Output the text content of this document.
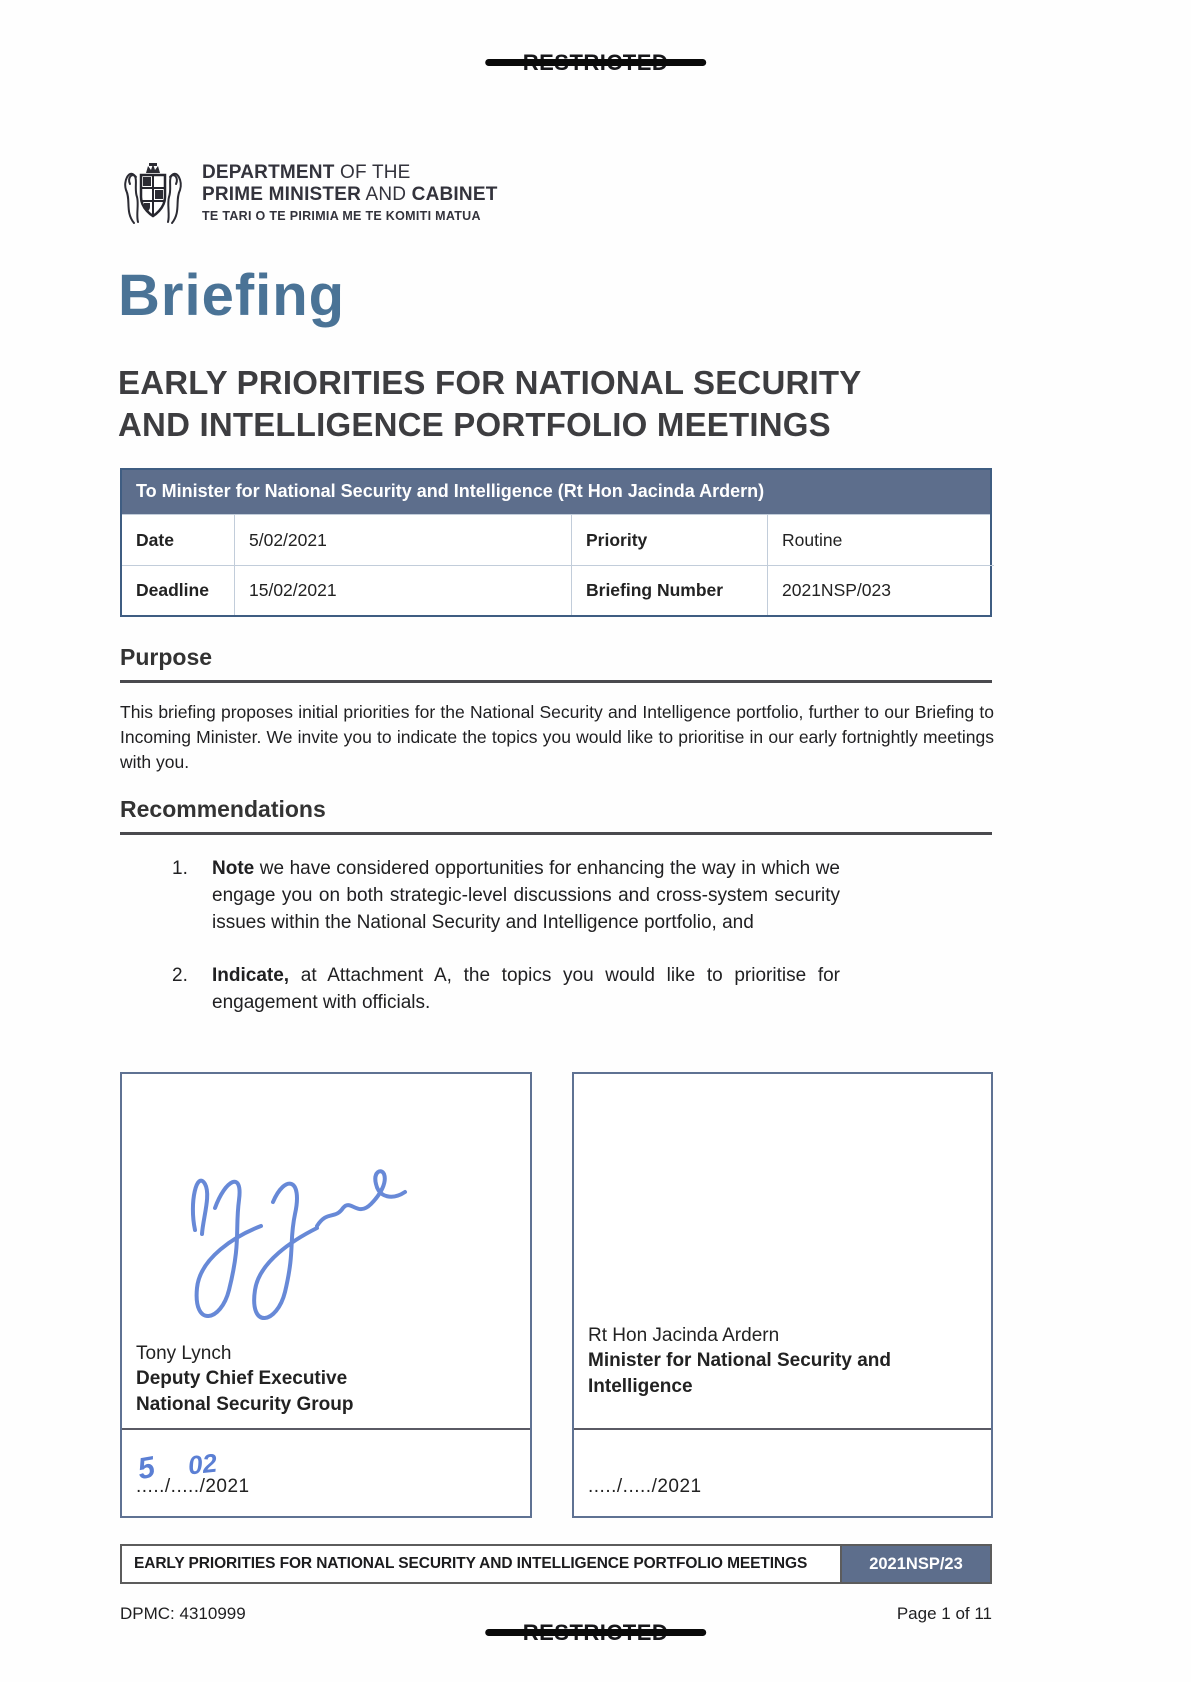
DEPARTMENT OF THE
PRIME MINISTER AND CABINET
TE TARI O TE PIRIMIA ME TE KOMITI MATUA
Briefing
EARLY PRIORITIES FOR NATIONAL SECURITY
AND INTELLIGENCE PORTFOLIO MEETINGS
To Minister for National Security and Intelligence (Rt Hon Jacinda Ardern)
Date	5/02/2021	Priority	Routine
Deadline	15/02/2021	Briefing Number	2021NSP/023
Purpose
This briefing proposes initial priorities for the National Security and Intelligence portfolio, further to our Briefing to Incoming Minister. We invite you to indicate the topics you would like to prioritise in our early fortnightly meetings with you.
Recommendations
1.	Note we have considered opportunities for enhancing the way in which we engage you on both strategic-level discussions and cross-system security issues within the National Security and Intelligence portfolio, and
2.	Indicate, at Attachment A, the topics you would like to prioritise for engagement with officials.
Tony Lynch
Deputy Chief Executive
National Security Group
5 02
...../...../2021
Rt Hon Jacinda Ardern
Minister for National Security and
Intelligence
...../...../2021
EARLY PRIORITIES FOR NATIONAL SECURITY AND INTELLIGENCE PORTFOLIO MEETINGS	2021NSP/23
DPMC: 4310999	Page 1 of 11
